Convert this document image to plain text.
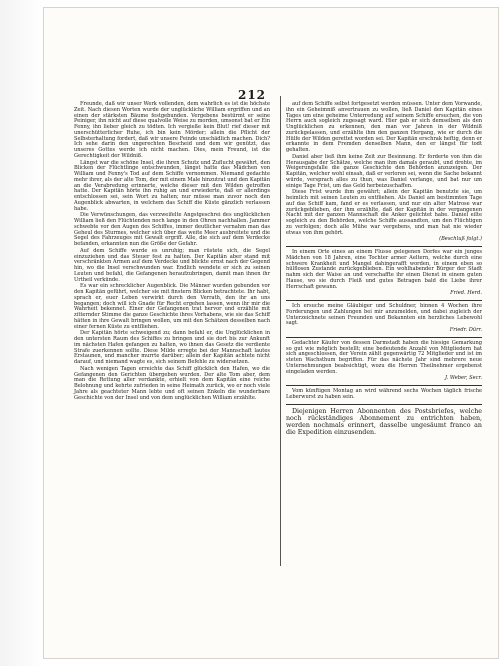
212

Freunde, daß wir unser Werk vollenden, dem wahrlich es ist die höchste Zeit. Nach diesen Worten wurde der unglückliche William ergriffen und an einen der stärksten Bäume festgebunden. Vergebens bestürmt er seine Peiniger, ihn nicht auf diese qualvolle Weise zu morden, umsonst bat er Ein Fenny, ihn lieber gleich zu tödten. Ich vergieße kein Blut! rief dieser mit unerschütterlicher Ruhe, ich bin kein Mörder; allein die Pflicht der Selbsterhaltung fordert, daß wir unsere Feinde unschädlich machen. Dich? Ich sehe darin den ungerechten Bescheid und dem wir genützt, das unseres Gottes werde ich nicht machen. Dies, mein Freund, ist die Gerechtigkeit der Wildniß.

Längst war die schöne Insel, die ihren Schutz und Zuflucht gewährt, den Blicken der Flüchtlinge entschwunden, längst hatte das Mädchen von William und Fenny's Tod auf dem Schiffe vernommen. Niemand gedachte mehr ihrer, als der alte Tom, der mit einem Male hinzutrat und den Kapitän an die Verabredung erinnerte, welche dieser mit den Wilden getroffen hatte. Der Kapitän hörte ihn ruhig an und erwiederte, daß er allerdings entschlossen sei, sein Wort zu halten; nur müsse man zuvor noch den Augenblick abwarten, in welchem das Schiff die Küste gänzlich verlassen habe.

Die Verwünschungen, das verzweifelte Angstgeschrei des unglücklichen William ließ den Flüchtenden noch lange in den Ohren nachhallen. Jammer schwebte vor den Augen des Schiffes, immer deutlicher vernahm man das Geheul des Sturmes, welcher sich über das weite Meer ausbreitete und die Segel des Fahrzeuges mit Gewalt ergriff. Alle, die sich auf dem Verdecke befanden, erkannten nun die Größe der Gefahr.

Auf dem Schiffe wurde es unruhig; man rüstete sich, die Segel einzuziehen und das Steuer fest zu halten. Der Kapitän aber stand mit verschränkten Armen auf dem Verdecke und blickte ernst nach der Gegend hin, wo die Insel verschwunden war. Endlich wendete er sich zu seinen Leuten und befahl, die Gefangenen heraufzubringen, damit man ihnen ihr Urtheil verkünde.

Es war ein schrecklicher Augenblick. Die Männer wurden gebunden vor den Kapitän geführt, welcher sie mit finstern Blicken betrachtete. Ihr habt, sprach er, euer Leben verwirkt durch den Verrath, den ihr an uns begangen; doch will ich Gnade für Recht ergehen lassen, wenn ihr mir die Wahrheit bekennet. Einer der Gefangenen trat hervor und erzählte mit zitternder Stimme die ganze Geschichte ihres Vorhabens, wie sie das Schiff hätten in ihre Gewalt bringen wollen, um mit den Schätzen desselben nach einer fernen Küste zu entfliehen.

Der Kapitän hörte schweigend zu; dann befahl er, die Unglücklichen in den untersten Raum des Schiffes zu bringen und sie dort bis zur Ankunft im nächsten Hafen gefangen zu halten, wo ihnen das Gesetz die verdiente Strafe zuerkennen sollte. Diese Milde erregte bei der Mannschaft lautes Erstaunen, und mancher murrte darüber; allein der Kapitän achtete nicht darauf, und niemand wagte es, sich seinem Befehle zu widersetzen.

Nach wenigen Tagen erreichte das Schiff glücklich den Hafen, wo die Gefangenen den Gerichten übergeben wurden. Der alte Tom aber, dem man die Rettung aller verdankte, erhielt von dem Kapitän eine reiche Belohnung und kehrte zufrieden in seine Heimath zurück, wo er noch viele Jahre als geachteter Mann lebte und oft seinen Enkeln die wunderbare Geschichte von der Insel und von dem unglücklichen William erzählte.

auf dem Schiffe selbst fortgesetzt werden müssen. Unter dem Vorwande, ihn ein Geheimniß anvertrauen zu wollen, ließ Daniel den Kapitän eines Tages um eine geheime Unterredung auf seinem Schiffe ersuchen, die von Herrn auch sogleich zugesagt ward. Hier gab er sich demselben als den Unglücklichen zu erkennen, den man vor Jahren in der Wildniß zurückgelassen, und erzählte ihm den ganzen Hergang, wie er durch die Hülfe der Wilden gerettet worden sei. Der Kapitän erschrak heftig, denn er erkannte in dem Fremden denselben Mann, den er längst für todt gehalten.

Daniel aber ließ ihm keine Zeit zur Besinnung. Er forderte von ihm die Herausgabe der Schätze, welche man ihm damals geraubt, und drohte, im Weigerungsfalle die ganze Geschichte den Behörden anzuzeigen. Der Kapitän, welcher wohl einsah, daß er verloren sei, wenn die Sache bekannt würde, versprach alles zu thun, was Daniel verlange, und bat nur um einige Tage Frist, um das Geld herbeizuschaffen.

Diese Frist wurde ihm gewährt; allein der Kapitän benutzte sie, um heimlich mit seinen Leuten zu entfliehen. Als Daniel am bestimmten Tage auf das Schiff kam, fand er es verlassen, und nur ein alter Matrose war zurückgeblieben, der ihm erzählte, daß der Kapitän in der vergangenen Nacht mit der ganzen Mannschaft die Anker gelichtet habe. Daniel eilte sogleich zu den Behörden, welche Schiffe aussandten, um den Flüchtigen zu verfolgen; doch alle Mühe war vergebens, und man hat nie wieder etwas von ihm gehört.

(Beschluß folgt.)

In einem Orte eines an einem Flusse gelegenen Dorfes war ein junges Mädchen von 18 Jahren, eine Tochter armer Aeltern, welche durch eine schwere Krankheit und Mangel dahingerafft worden, in einem eben so hülflosen Zustande zurückgeblieben. Ein wohlhabender Bürger der Stadt nahm sich der Waise an und verschaffte ihr einen Dienst in einem guten Hause, wo sie durch Fleiß und gutes Betragen bald die Liebe ihrer Herrschaft gewann.

Fried. Herd.

Ich ersuche meine Gläubiger und Schuldner, binnen 4 Wochen ihre Forderungen und Zahlungen bei mir anzumelden, und dabei zugleich der Unterzeichnete seinen Freunden und Bekannten ein herzliches Lebewohl sagt.

Friedr. Dürr.

Gedachter Käufer von dessen Darmstadt haben die hiesige Gemarkung so gut wie möglich bestellt; eine bedeutende Anzahl von Mitgliedern hat sich angeschlossen, der Verein zählt gegenwärtig 72 Mitglieder und ist im steten Wachsthum begriffen. Für das nächste Jahr sind mehrere neue Unternehmungen beabsichtigt, wozu die Herren Theilnehmer ergebenst eingeladen werden.

J. Weber, Secr.

Vom künftigen Montag an wird während sechs Wochen täglich frische Leberwurst zu haben sein.

Diejenigen Herren Abonnenten des Postsbriefes, welche noch rückständiges Abonnement zu entrichten haben, werden nochmals erinnert, dasselbe ungesäumt franco an die Expedition einzusenden.
